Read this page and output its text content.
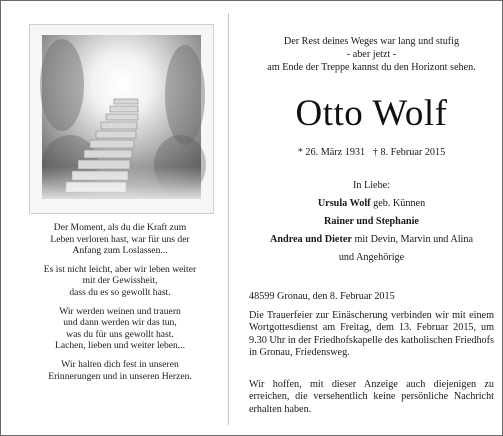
Der Moment, als du die Kraft zum
Leben verloren hast, war für uns der
Anfang zum Loslassen...
Es ist nicht leicht, aber wir leben weiter
mit der Gewissheit,
dass du es so gewollt hast.
Wir werden weinen und trauern
und dann werden wir das tun,
was du für uns gewollt hast.
Lachen, lieben und weiter leben...
Wir halten dich fest in unseren
Erinnerungen und in unseren Herzen.
Der Rest deines Weges war lang und stufig
- aber jetzt -
am Ende der Treppe kannst du den Horizont sehen.
Otto Wolf
* 26. März 1931 † 8. Februar 2015
In Liebe:
Ursula Wolf geb. Künnen
Rainer und Stephanie
Andrea und Dieter mit Devin, Marvin und Alina
und Angehörige
48599 Gronau, den 8. Februar 2015
Die Trauerfeier zur Einäscherung verbinden wir mit einem Wortgottesdienst am Freitag, dem 13. Februar 2015, um 9.30 Uhr in der Friedhofskapelle des katholischen Friedhofs in Gronau, Friedensweg.
Wir hoffen, mit dieser Anzeige auch diejenigen zu erreichen, die versehentlich keine persönliche Nachricht erhalten haben.
